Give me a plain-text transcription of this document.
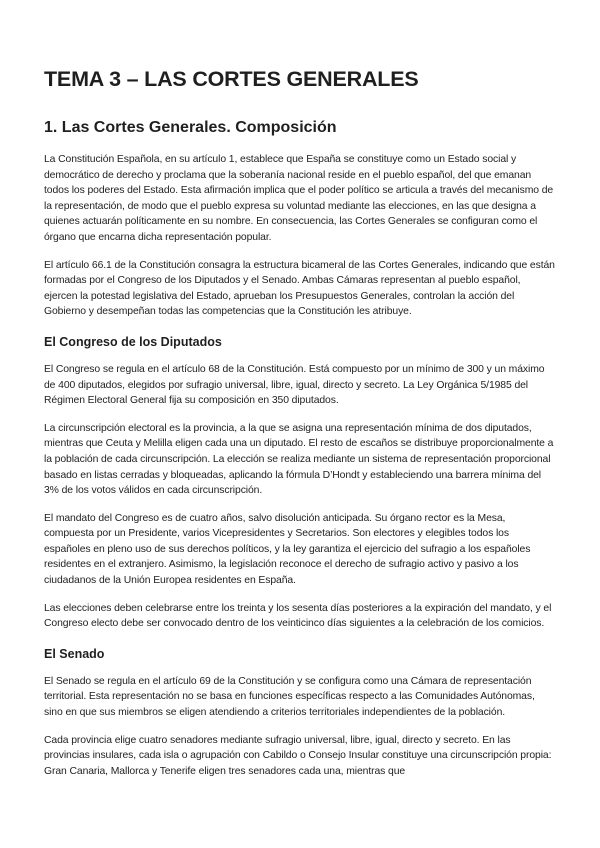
TEMA 3 – LAS CORTES GENERALES
1. Las Cortes Generales. Composición

La Constitución Española, en su artículo 1, establece que España se constituye como un Estado social y democrático de derecho y proclama que la soberanía nacional reside en el pueblo español, del que emanan todos los poderes del Estado. Esta afirmación implica que el poder político se articula a través del mecanismo de la representación, de modo que el pueblo expresa su voluntad mediante las elecciones, en las que designa a quienes actuarán políticamente en su nombre. En consecuencia, las Cortes Generales se configuran como el órgano que encarna dicha representación popular.

El artículo 66.1 de la Constitución consagra la estructura bicameral de las Cortes Generales, indicando que están formadas por el Congreso de los Diputados y el Senado. Ambas Cámaras representan al pueblo español, ejercen la potestad legislativa del Estado, aprueban los Presupuestos Generales, controlan la acción del Gobierno y desempeñan todas las competencias que la Constitución les atribuye.

El Congreso de los Diputados

El Congreso se regula en el artículo 68 de la Constitución. Está compuesto por un mínimo de 300 y un máximo de 400 diputados, elegidos por sufragio universal, libre, igual, directo y secreto. La Ley Orgánica 5/1985 del Régimen Electoral General fija su composición en 350 diputados.

La circunscripción electoral es la provincia, a la que se asigna una representación mínima de dos diputados, mientras que Ceuta y Melilla eligen cada una un diputado. El resto de escaños se distribuye proporcionalmente a la población de cada circunscripción. La elección se realiza mediante un sistema de representación proporcional basado en listas cerradas y bloqueadas, aplicando la fórmula D’Hondt y estableciendo una barrera mínima del 3% de los votos válidos en cada circunscripción.

El mandato del Congreso es de cuatro años, salvo disolución anticipada. Su órgano rector es la Mesa, compuesta por un Presidente, varios Vicepresidentes y Secretarios. Son electores y elegibles todos los españoles en pleno uso de sus derechos políticos, y la ley garantiza el ejercicio del sufragio a los españoles residentes en el extranjero. Asimismo, la legislación reconoce el derecho de sufragio activo y pasivo a los ciudadanos de la Unión Europea residentes en España.

Las elecciones deben celebrarse entre los treinta y los sesenta días posteriores a la expiración del mandato, y el Congreso electo debe ser convocado dentro de los veinticinco días siguientes a la celebración de los comicios.

El Senado

El Senado se regula en el artículo 69 de la Constitución y se configura como una Cámara de representación territorial. Esta representación no se basa en funciones específicas respecto a las Comunidades Autónomas, sino en que sus miembros se eligen atendiendo a criterios territoriales independientes de la población.

Cada provincia elige cuatro senadores mediante sufragio universal, libre, igual, directo y secreto. En las provincias insulares, cada isla o agrupación con Cabildo o Consejo Insular constituye una circunscripción propia: Gran Canaria, Mallorca y Tenerife eligen tres senadores cada una, mientras que
